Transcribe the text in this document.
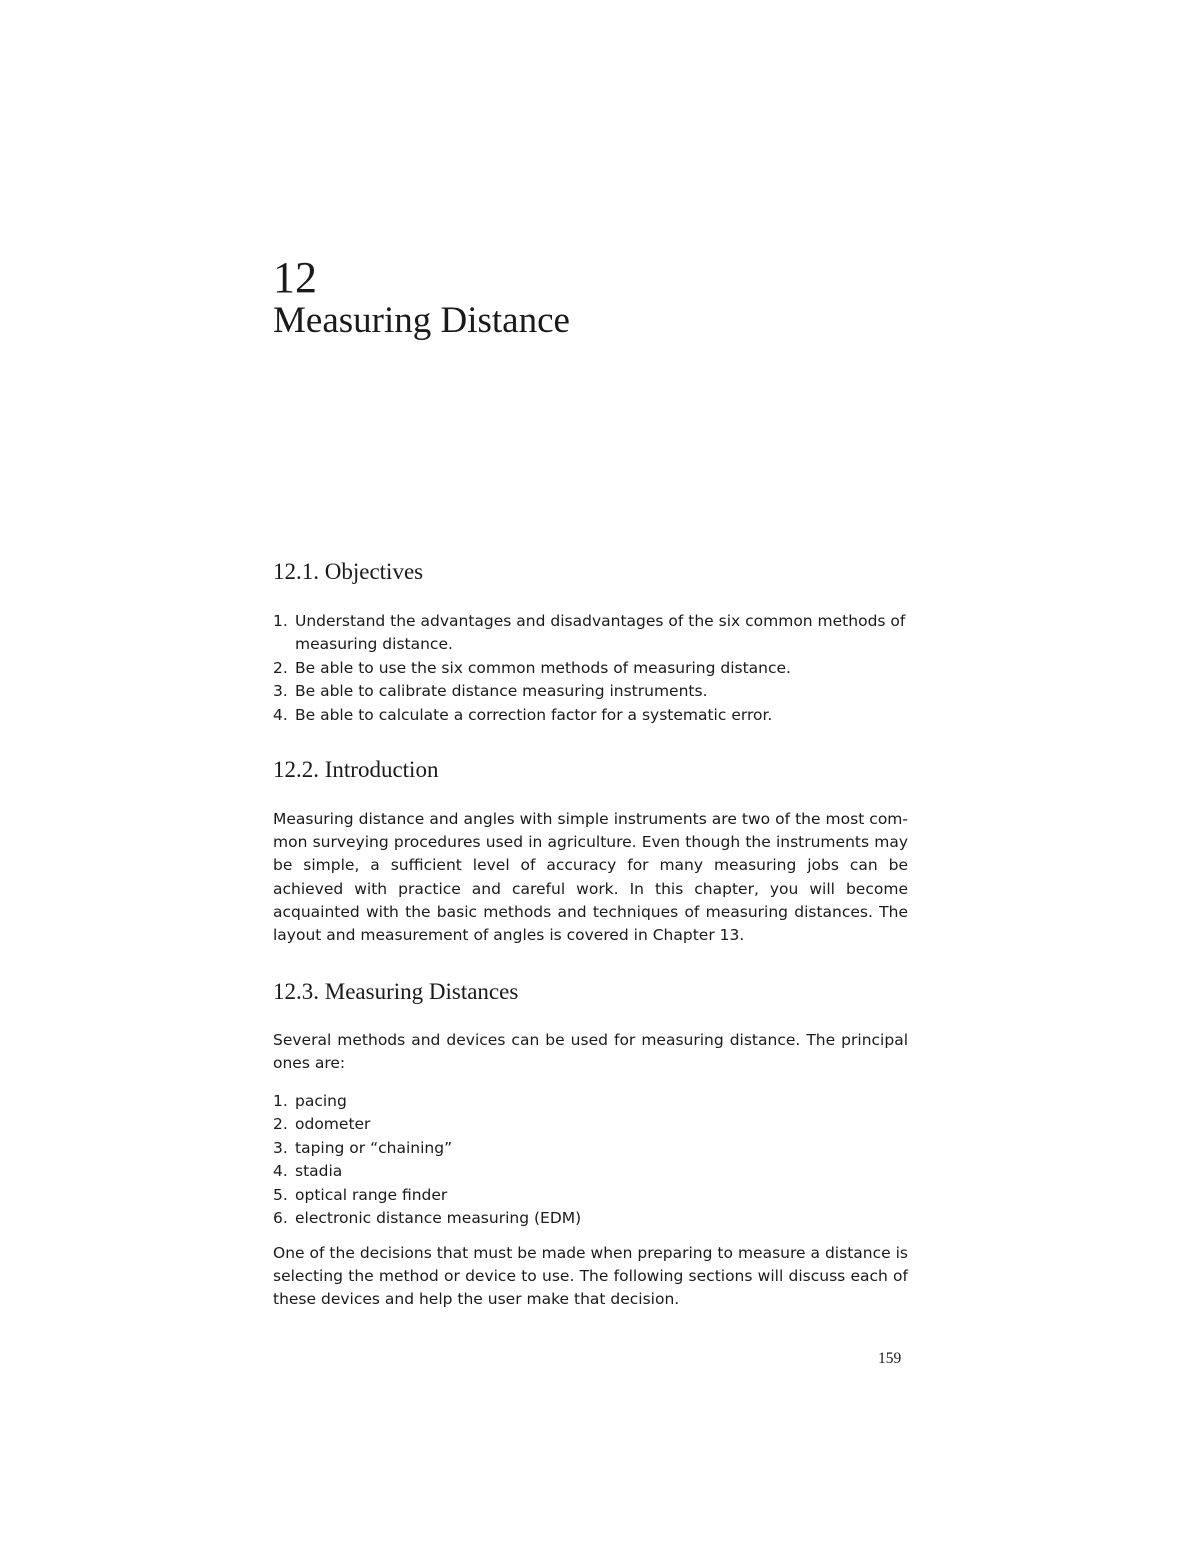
12
Measuring Distance
12.1. Objectives
1. Understand the advantages and disadvantages of the six common methods of measuring distance.
2. Be able to use the six common methods of measuring distance.
3. Be able to calibrate distance measuring instruments.
4. Be able to calculate a correction factor for a systematic error.
12.2. Introduction

Measuring distance and angles with simple instruments are two of the most common surveying procedures used in agriculture. Even though the instruments may be simple, a sufficient level of accuracy for many measuring jobs can be achieved with practice and careful work. In this chapter, you will become acquainted with the basic methods and techniques of measuring distances. The layout and measurement of angles is covered in Chapter 13.

12.3. Measuring Distances

Several methods and devices can be used for measuring distance. The principal ones are:

1. pacing
2. odometer
3. taping or “chaining”
4. stadia
5. optical range finder
6. electronic distance measuring (EDM)

One of the decisions that must be made when preparing to measure a distance is selecting the method or device to use. The following sections will discuss each of these devices and help the user make that decision.

159
